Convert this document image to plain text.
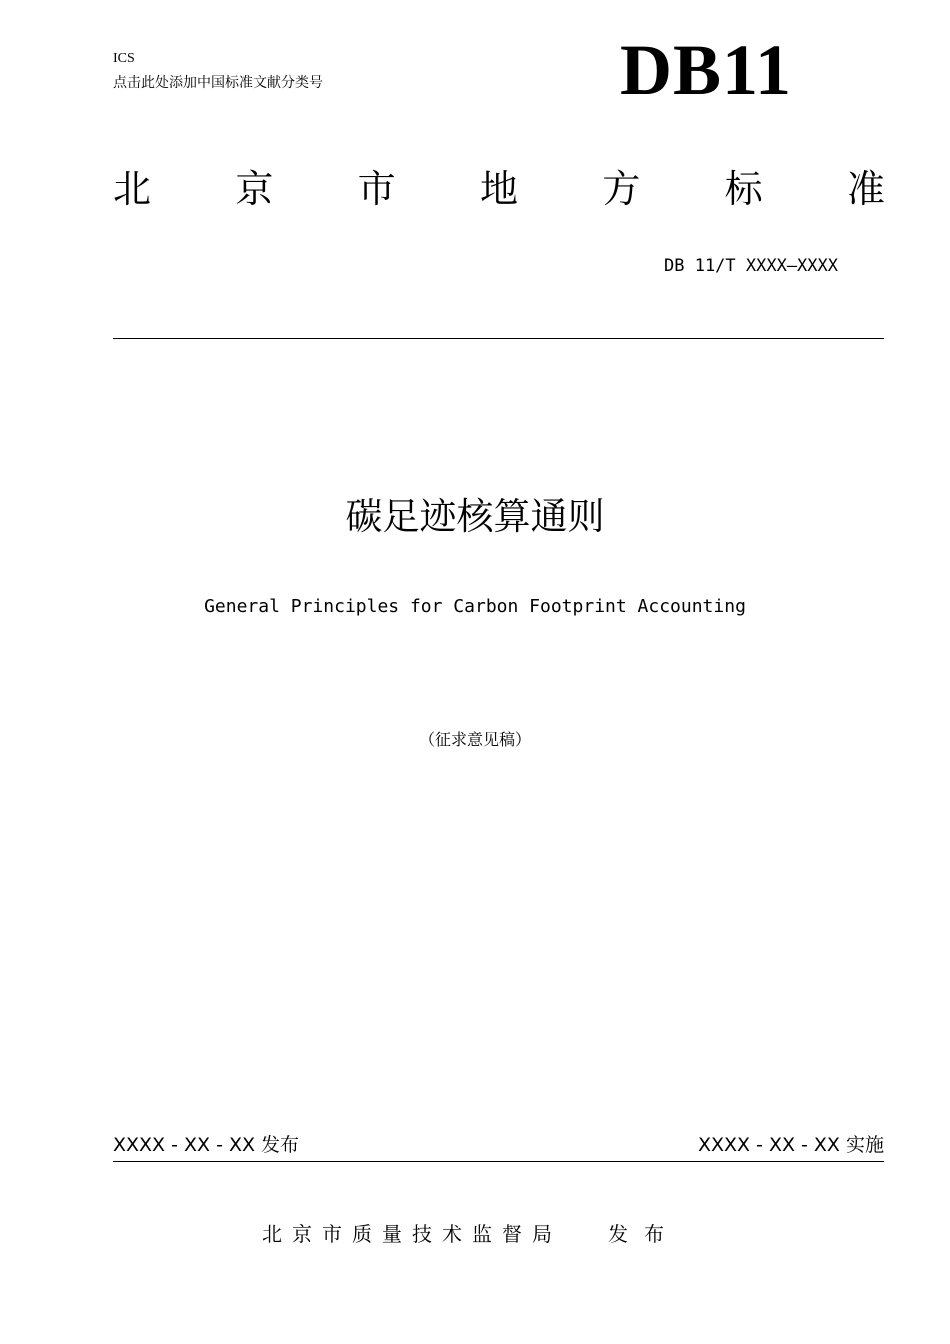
ICS
点击此处添加中国标准文献分类号	DB11
北 京 市 地 方 标 准
DB 11/T XXXX—XXXX
碳足迹核算通则
General Principles for Carbon Footprint Accounting
（征求意见稿）
XXXX - XX - XX 发布	XXXX - XX - XX 实施
北京市质量技术监督局 发布
